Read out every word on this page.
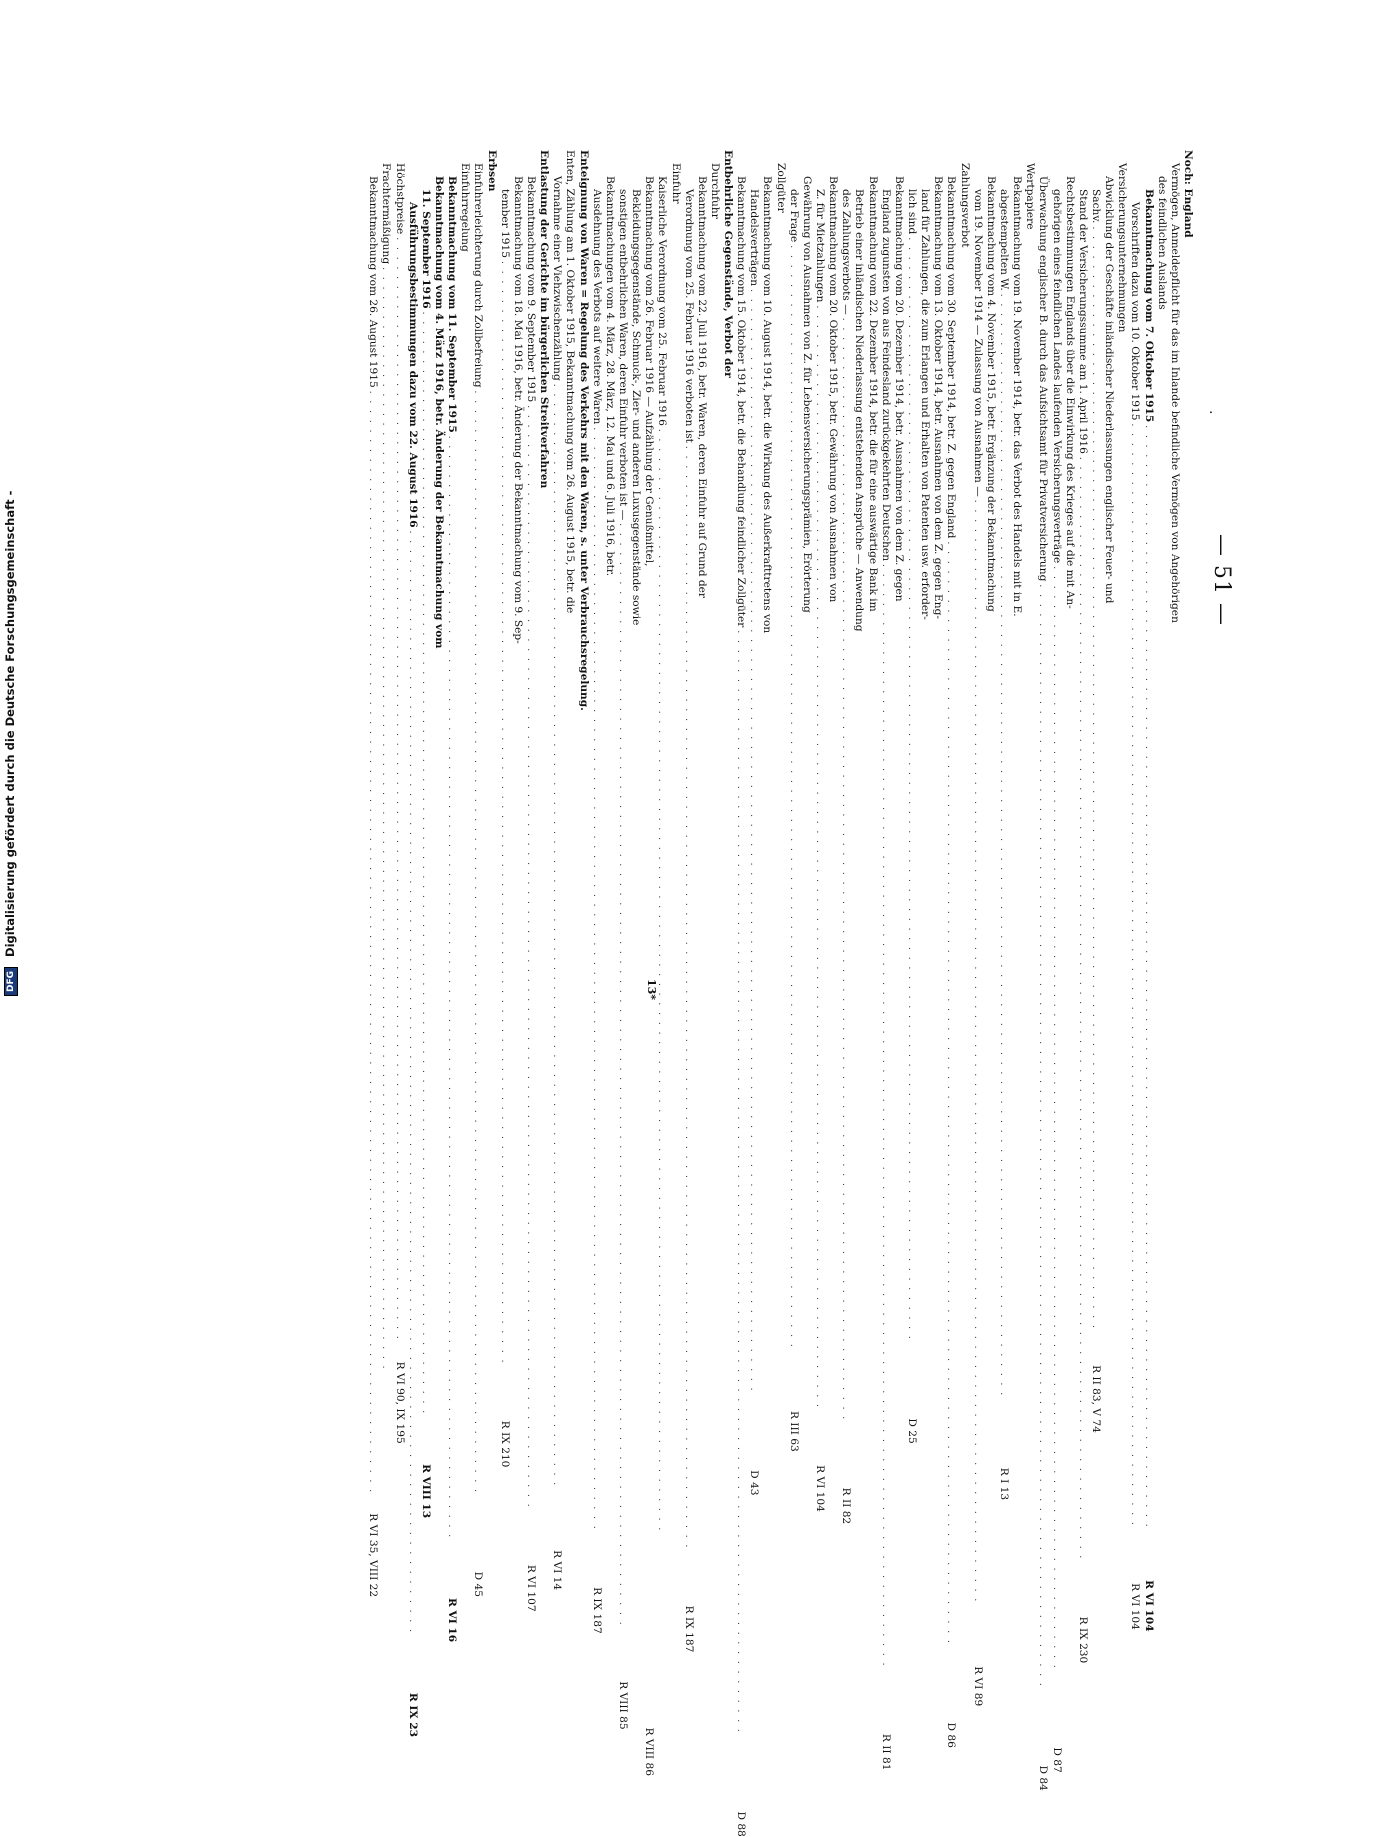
DFG Digitalisierung gefördert durch die Deutsche Forschungsgemeinschaft -
.
— 51 —
Noch: England
Vermögen, Anmeldepflicht für das im Inlande befindliche Vermögen von Angehörigen
des feindlichen Auslands
Bekanntmachung vom 7. Oktober 1915
. . .
R VI 104
Vorschriften dazu vom 10. Oktober 1915
. . .
R VI 104
Versicherungsunternehmungen
Abwicklung der Geschäfte inländischer Niederlassungen englischer Feuer- und
Sachv.
. . .
R II 83, V 74
Stand der Versicherungssumme am 1. April 1916
. . .
R IX 230
Rechtsbestimmungen Englands über die Einwirkung des Krieges auf die mit An-
gehörigen eines feindlichen Landes laufenden Versicherungsverträge
. . .
D 87
Überwachung englischer B. durch das Aufsichtsamt für Privatversicherung
. . .
D 84
Wertpapiere
Bekanntmachung vom 19. November 1914, betr. das Verbot des Handels mit in E.
abgestempelten W.
. . .
R I 13
Bekanntmachung vom 4. November 1915, betr. Ergänzung der Bekanntmachung
vom 19. November 1914 — Zulassung von Ausnahmen —
. . .
R VI 89
Zahlungsverbot
Bekanntmachung vom 30. September 1914, betr. Z. gegen England
. . .
D 86
Bekanntmachung vom 13. Oktober 1914, betr. Ausnahmen von dem Z. gegen Eng-
land für Zahlungen, die zum Erlangen und Erhalten von Patenten usw. erforder-
lich sind
. . .
D 25
Bekanntmachung vom 20. Dezember 1914, betr. Ausnahmen von dem Z. gegen
England zugunsten von aus Feindesland zurückgekehrten Deutschen
. . .
R II 81
Bekanntmachung vom 22. Dezember 1914, betr. die für eine auswärtige Bank im
Betrieb einer inländischen Niederlassung entstehenden Ansprüche — Anwendung
des Zahlungsverbots —
. . .
R II 82
Bekanntmachung vom 20. Oktober 1915, betr. Gewährung von Ausnahmen von
Z. für Mietzahlungen
. . .
R VI 104
Gewährung von Ausnahmen von Z. für Lebensversicherungsprämien, Erörterung
der Frage
. . .
R III 63
Zollgüter
Bekanntmachung vom 10. August 1914, betr. die Wirkung des Außerkrafttretens von
Handelsverträgen
. . .
D 43
Bekanntmachung vom 15. Oktober 1914, betr. die Behandlung feindlicher Zollgüter
. . .
D 88
Entbehrliche Gegenstände, Verbot der
Durchfuhr
Bekanntmachung vom 22. Juli 1916, betr. Waren, deren Einfuhr auf Grund der
Verordnung vom 25. Februar 1916 verboten ist
. . .
R IX 187
Einfuhr
Kaiserliche Verordnung vom 25. Februar 1916
. . .
Bekanntmachung vom 26. Februar 1916 — Aufzählung der Genußmittel,
R VIII 86
Bekleidungsgegenstände, Schmuck-, Zier- und anderen Luxusgegenstände sowie
sonstigen entbehrlichen Waren, deren Einfuhr verboten ist —
. . .
R VIII 85
Bekanntmachungen vom 4. März, 28. März, 12. Mai und 6. Juli 1916, betr.
Ausdehnung des Verbots auf weitere Waren
. . .
R IX 187
Enteignung von Waren = Regelung des Verkehrs mit den Waren, s. unter Verbrauchsregelung.
Enten, Zählung am 1. Oktober 1915, Bekanntmachung vom 26. August 1915, betr. die
Vornahme einer Viehzwischenzählung
. . .
R VI 14
Entlastung der Gerichte im bürgerlichen Streitverfahren
Bekanntmachung vom 9. September 1915
. . .
R VI 107
Bekanntmachung vom 18. Mai 1916, betr. Änderung der Bekanntmachung vom 9. Sep-
tember 1915
. . .
R IX 210
Erbsen
Einfuhrerleichterung durch Zollbefreiung
. . .
D 45
Einfuhrregelung
Bekanntmachung vom 11. September 1915
. . .
R VI 16
Bekanntmachung vom 4. März 1916, betr. Änderung der Bekanntmachung vom
11. September 1916
. . .
R VIII 13
Ausführungsbestimmungen dazu vom 22. August 1916
. . .
R IX 23
Höchstpreise
. . .
R VI 90, IX 195
Frachtermäßigung
. . .
Bekanntmachung vom 26. August 1915
. . .
R VI 35, VIII 22
13*
